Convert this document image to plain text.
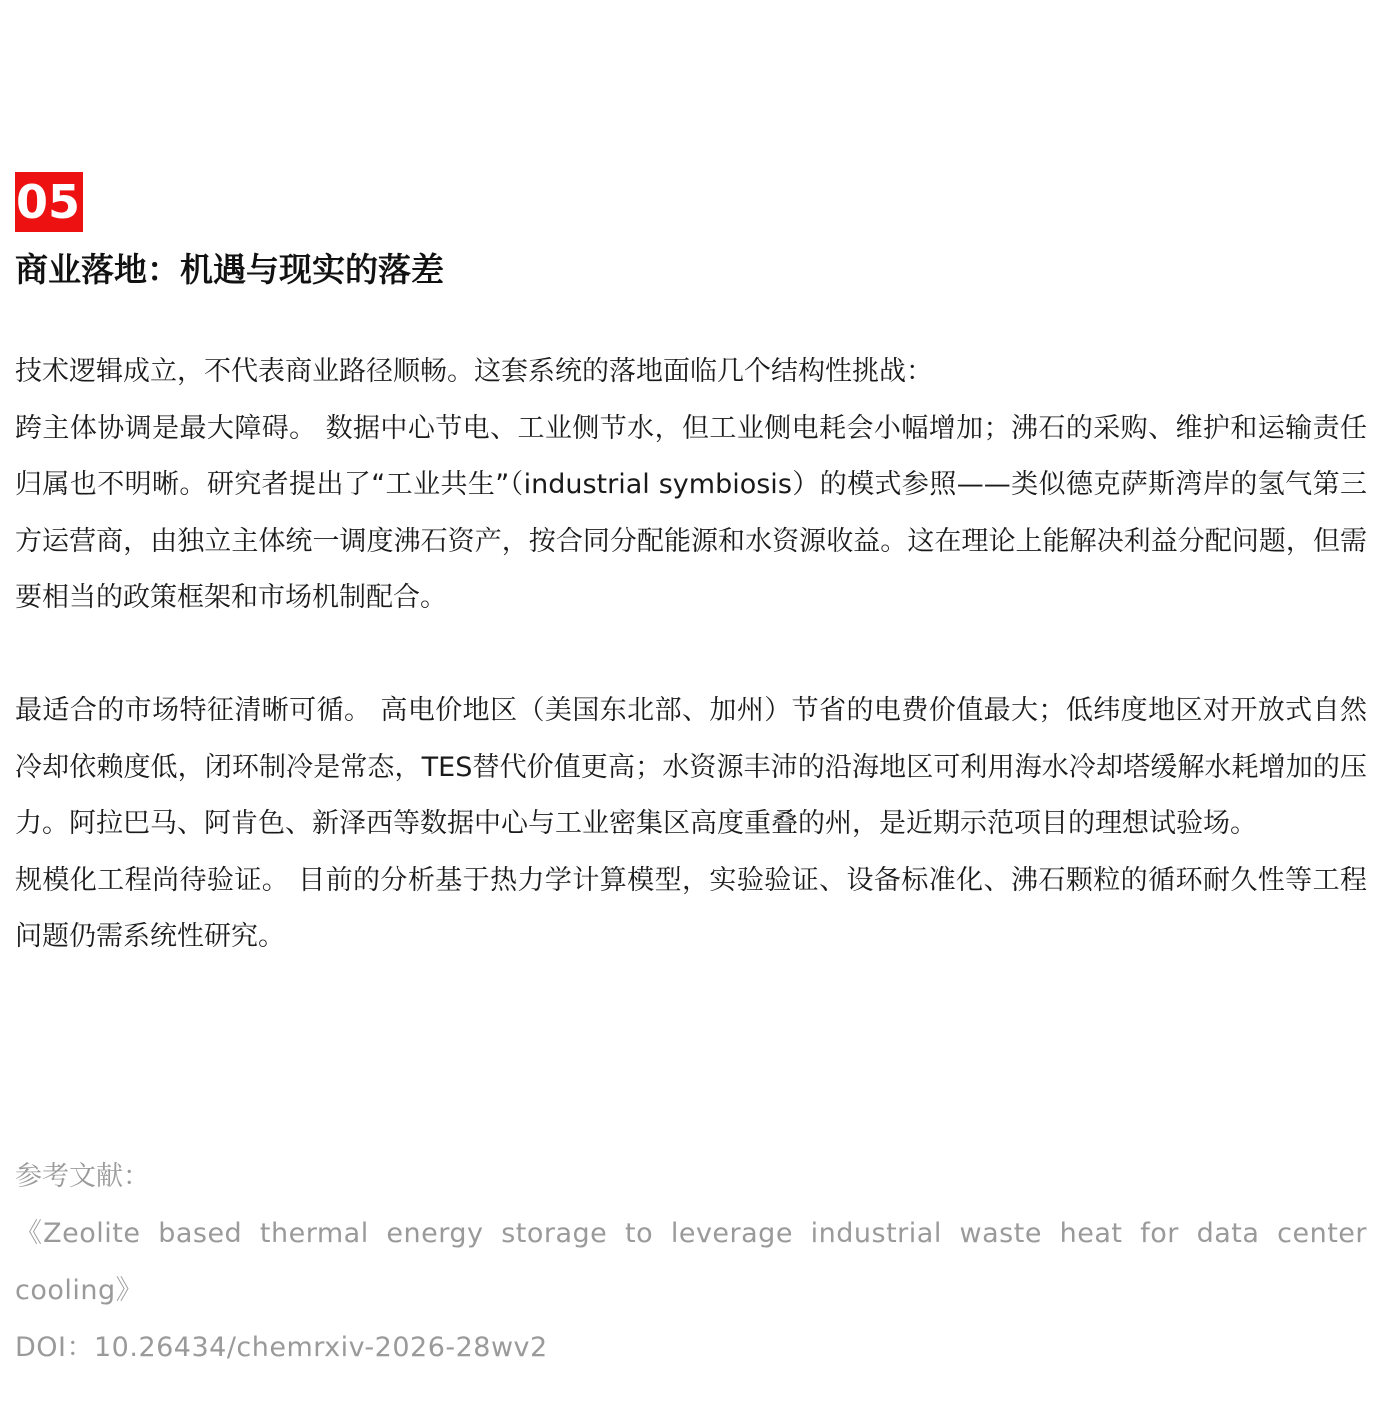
05
商业落地：机遇与现实的落差

技术逻辑成立，不代表商业路径顺畅。这套系统的落地面临几个结构性挑战：

跨主体协调是最大障碍。 数据中心节电、工业侧节水，但工业侧电耗会小幅增加；沸石的采购、维护和运输责任归属也不明晰。研究者提出了“工业共生”（industrial symbiosis）的模式参照——类似德克萨斯湾岸的氢气第三方运营商，由独立主体统一调度沸石资产，按合同分配能源和水资源收益。这在理论上能解决利益分配问题，但需要相当的政策框架和市场机制配合。

最适合的市场特征清晰可循。 高电价地区（美国东北部、加州）节省的电费价值最大；低纬度地区对开放式自然冷却依赖度低，闭环制冷是常态，TES替代价值更高；水资源丰沛的沿海地区可利用海水冷却塔缓解水耗增加的压力。阿拉巴马、阿肯色、新泽西等数据中心与工业密集区高度重叠的州，是近期示范项目的理想试验场。

规模化工程尚待验证。 目前的分析基于热力学计算模型，实验验证、设备标准化、沸石颗粒的循环耐久性等工程问题仍需系统性研究。

参考文献：

《Zeolite based thermal energy storage to leverage industrial waste heat for data center cooling》

DOI：10.26434/chemrxiv-2026-28wv2
